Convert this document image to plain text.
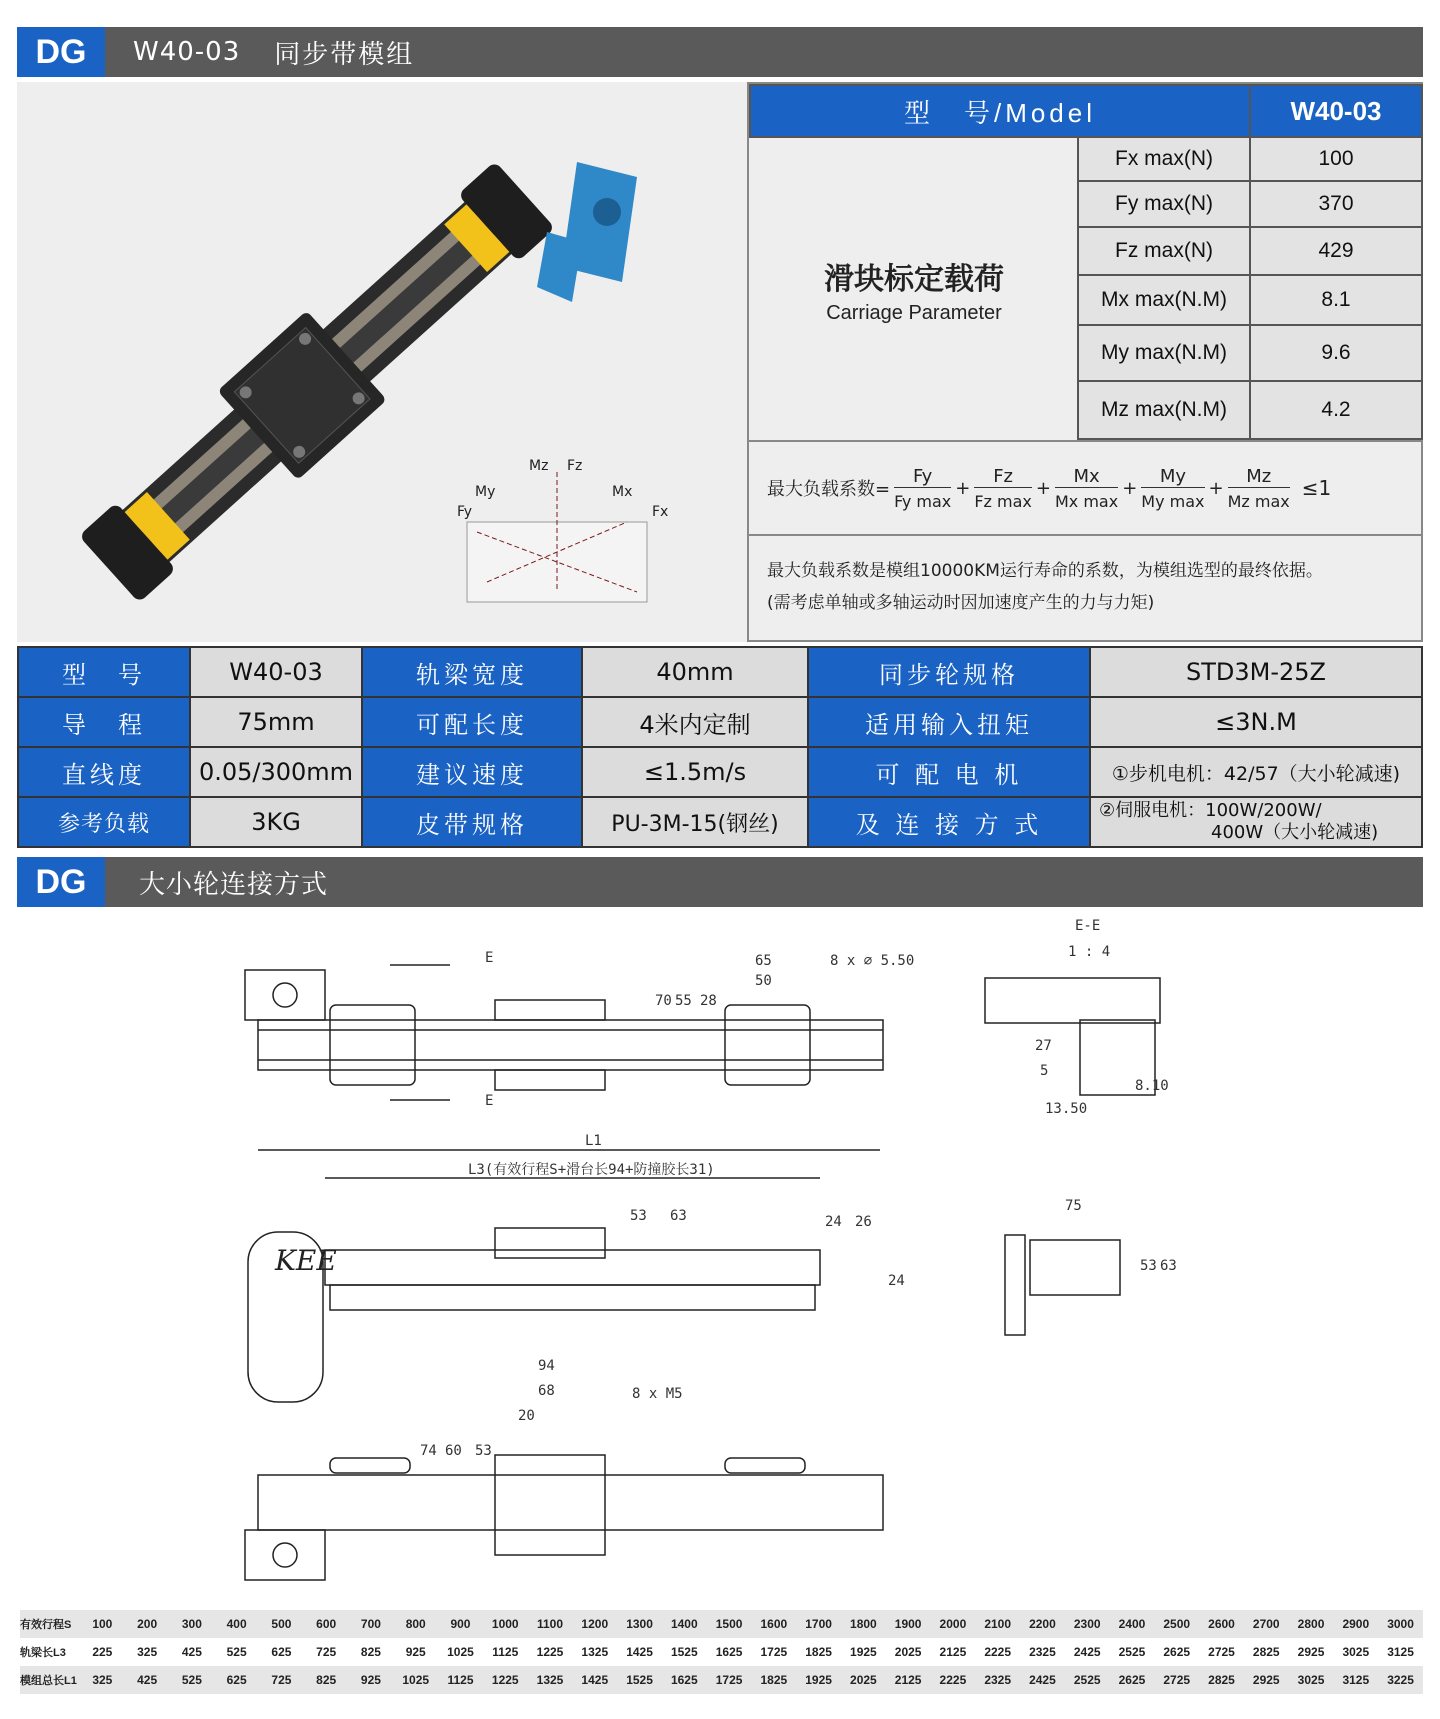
DG	W40-03 同步带模组
Mz Fz
My
Fy
Mx
Fx
型　号/Model	W40-03
滑块标定载荷
Carriage Parameter
Fx max(N)	100
Fy max(N)	370
Fz max(N)	429
Mx max(N.M)	8.1
My max(N.M)	9.6
Mz max(N.M)	4.2
最大负载系数=
Fy
Fy max
+
Fz
Fz max
+
Mx
Mx max
+
My
My max
+
Mz
Mz max
≤1
最大负载系数是模组10000KM运行寿命的系数，为模组选型的最终依据。
(需考虑单轴或多轴运动时因加速度产生的力与力矩)
型　号	W40-03	轨梁宽度	40mm	同步轮规格	STD3M-25Z
导　程	75mm	可配长度	4米内定制	适用输入扭矩	≤3N.M
直线度	0.05/300mm	建议速度	≤1.5m/s	可 配 电 机	①步机电机：42/57（大小轮减速)
参考负载	3KG	皮带规格	PU-3M-15(钢丝)	及 连 接 方 式	②伺服电机：100W/200W/
400W（大小轮减速)
DG	大小轮连接方式
E
E
65
50
8 x ∅ 5.50
70 55 28
E-E
1 : 4
27
5
8.10
13.50
L1
L3(有效行程S+滑台长94+防撞胶长31)
KEE
53 63	24 26
24
75
53 63
94
68
20
8 x M5
74 60 53
有效行程S	100	200	300	400	500	600	700	800	900	1000	1100	1200	1300	1400	1500	1600	1700	1800	1900	2000	2100	2200	2300	2400	2500	2600	2700	2800	2900	3000
轨梁长L3	225	325	425	525	625	725	825	925	1025	1125	1225	1325	1425	1525	1625	1725	1825	1925	2025	2125	2225	2325	2425	2525	2625	2725	2825	2925	3025	3125
模组总长L1	325	425	525	625	725	825	925	1025	1125	1225	1325	1425	1525	1625	1725	1825	1925	2025	2125	2225	2325	2425	2525	2625	2725	2825	2925	3025	3125	3225
